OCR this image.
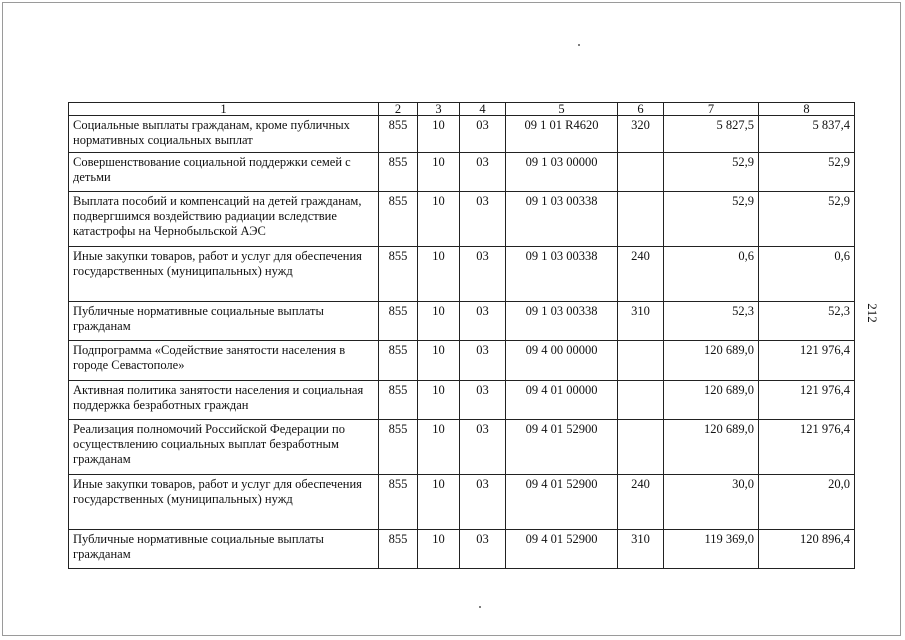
1	2	3	4	5	6	7	8
Социальные выплаты гражданам, кроме публичных нормативных социальных выплат	855	10	03	09 1 01 R4620	320	5 827,5	5 837,4
Совершенствование социальной поддержки семей с детьми	855	10	03	09 1 03 00000		52,9	52,9
Выплата пособий и компенсаций на детей гражданам, подвергшимся воздействию радиации вследствие катастрофы на Чернобыльской АЭС	855	10	03	09 1 03 00338		52,9	52,9
Иные закупки товаров, работ и услуг для обеспечения государственных (муниципальных) нужд	855	10	03	09 1 03 00338	240	0,6	0,6
Публичные нормативные социальные выплаты гражданам	855	10	03	09 1 03 00338	310	52,3	52,3
Подпрограмма «Содействие занятости населения в городе Севастополе»	855	10	03	09 4 00 00000		120 689,0	121 976,4
Активная политика занятости населения и социальная поддержка безработных граждан	855	10	03	09 4 01 00000		120 689,0	121 976,4
Реализация полномочий Российской Федерации по осуществлению социальных выплат безработным гражданам	855	10	03	09 4 01 52900		120 689,0	121 976,4
Иные закупки товаров, работ и услуг для обеспечения государственных (муниципальных) нужд	855	10	03	09 4 01 52900	240	30,0	20,0
Публичные нормативные социальные выплаты гражданам	855	10	03	09 4 01 52900	310	119 369,0	120 896,4
212
